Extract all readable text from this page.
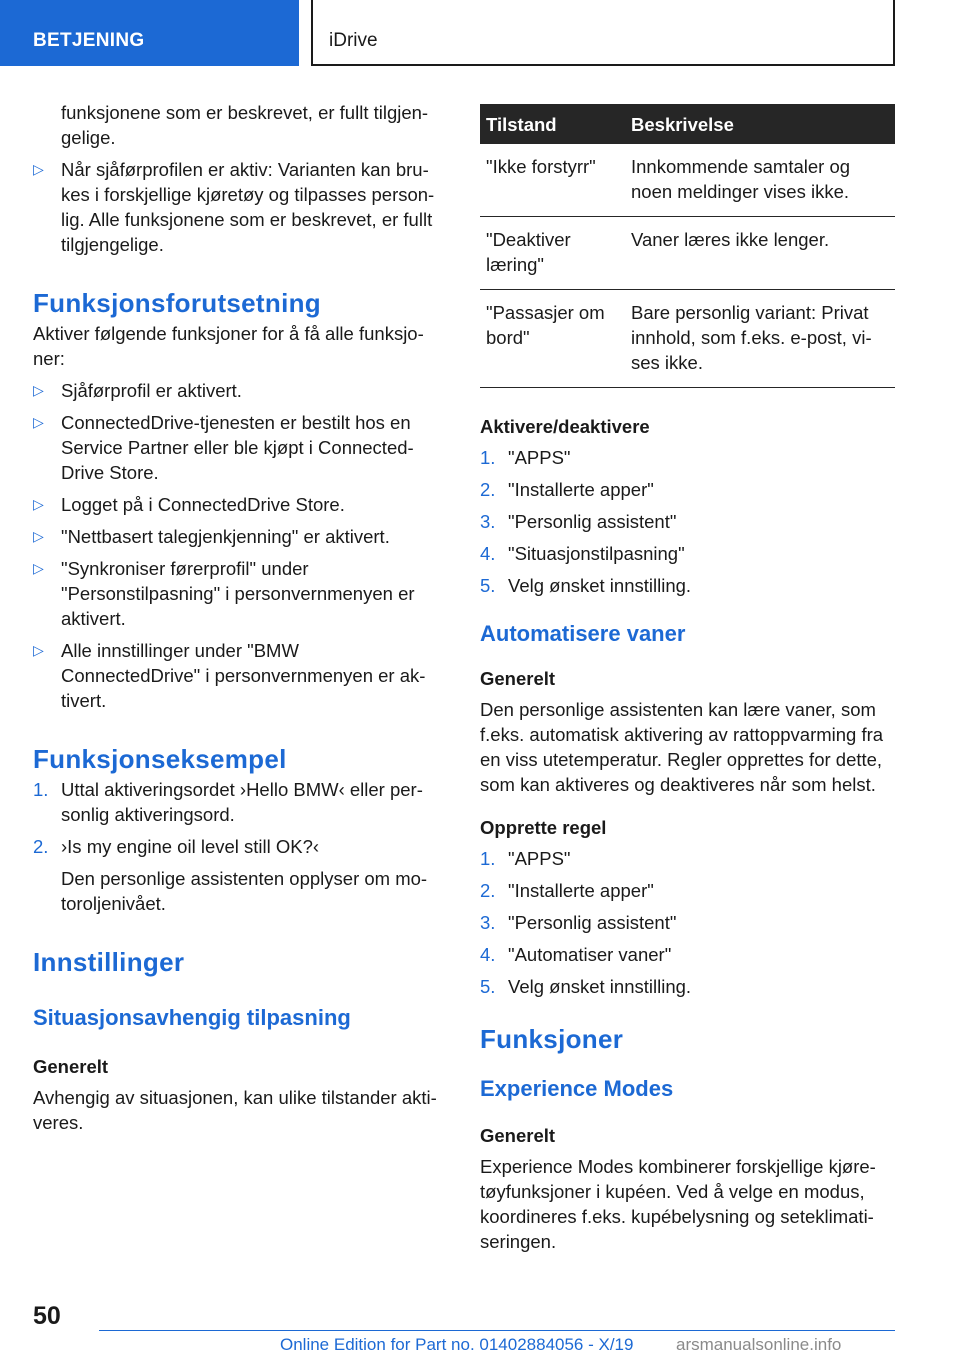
BETJENING	iDrive

funksjonene som er beskrevet, er fullt tilgjen-gelige.

▷ Når sjåførprofilen er aktiv: Varianten kan bru-kes i forskjellige kjøretøy og tilpasses person-lig. Alle funksjonene som er beskrevet, er fullt tilgjengelige.
Funksjonsforutsetning

Aktiver følgende funksjoner for å få alle funksjo-ner:

▷ Sjåførprofil er aktivert.
▷ ConnectedDrive-tjenesten er bestilt hos en Service Partner eller ble kjøpt i Connected-Drive Store.
▷ Logget på i ConnectedDrive Store.
▷ "Nettbasert talegjenkjenning" er aktivert.
▷ "Synkroniser førerprofil" under "Personstilpasning" i personvernmenyen er aktivert.
▷ Alle innstillinger under "BMW ConnectedDrive" i personvernmenyen er ak-tivert.
Funksjonseksempel
1. Uttal aktiveringsordet ›Hello BMW‹ eller per-sonlig aktiveringsord.
2. ›Is my engine oil level still OK?‹

Den personlige assistenten opplyser om mo-toroljenivået.

Innstillinger
Situasjonsavhengig tilpasning
Generelt

Avhengig av situasjonen, kan ulike tilstander akti-veres.

Tilstand	Beskrivelse
"Ikke forstyrr"	Innkommende samtaler og noen meldinger vises ikke.
"Deaktiver læring"	Vaner læres ikke lenger.
"Passasjer om bord"	Bare personlig variant: Privat innhold, som f.eks. e-post, vi-ses ikke.
Aktivere/deaktivere
1. "APPS"
2. "Installerte apper"
3. "Personlig assistent"
4. "Situasjonstilpasning"
5. Velg ønsket innstilling.
Automatisere vaner
Generelt

Den personlige assistenten kan lære vaner, som f.eks. automatisk aktivering av rattoppvarming fra en viss utetemperatur. Regler opprettes for dette, som kan aktiveres og deaktiveres når som helst.

Opprette regel
1. "APPS"
2. "Installerte apper"
3. "Personlig assistent"
4. "Automatiser vaner"
5. Velg ønsket innstilling.
Funksjoner
Experience Modes
Generelt

Experience Modes kombinerer forskjellige kjøre-tøyfunksjoner i kupéen. Ved å velge en modus, koordineres f.eks. kupébelysning og seteklimati-seringen.

50
Online Edition for Part no. 01402884056 - X/19	arsmanualsonline.info
